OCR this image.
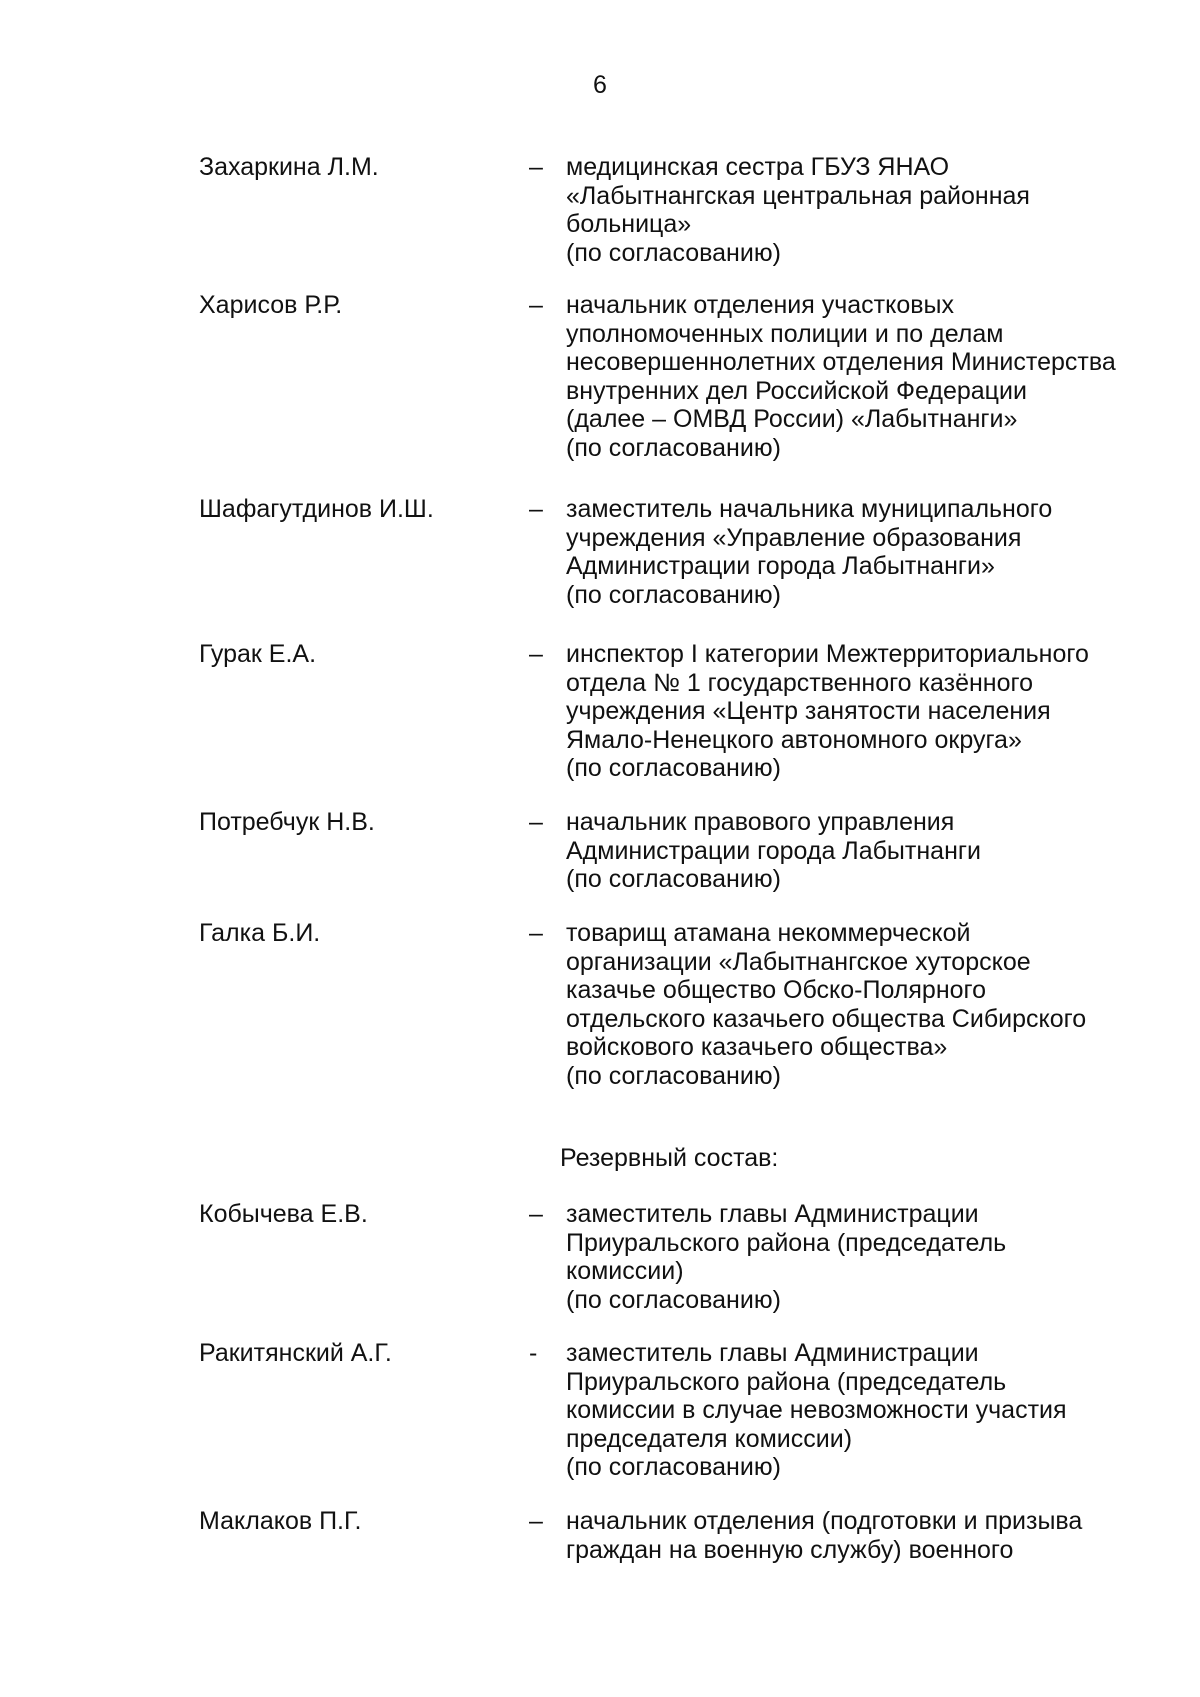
6
Захаркина Л.М.	– медицинская сестра ГБУЗ ЯНАО
«Лабытнангская центральная районная
больница»
(по согласованию)
Харисов Р.Р.	– начальник отделения участковых
уполномоченных полиции и по делам
несовершеннолетних отделения Министерства
внутренних дел Российской Федерации
(далее – ОМВД России) «Лабытнанги»
(по согласованию)
Шафагутдинов И.Ш.	– заместитель начальника муниципального
учреждения «Управление образования
Администрации города Лабытнанги»
(по согласованию)
Гурак Е.А.	– инспектор I категории Межтерриториального
отдела № 1 государственного казённого
учреждения «Центр занятости населения
Ямало-Ненецкого автономного округа»
(по согласованию)
Потребчук Н.В.	– начальник правового управления
Администрации города Лабытнанги
(по согласованию)
Галка Б.И.	– товарищ атамана некоммерческой
организации «Лабытнангское хуторское
казачье общество Обско-Полярного
отдельского казачьего общества Сибирского
войскового казачьего общества»
(по согласованию)
Резервный состав:
Кобычева Е.В.	– заместитель главы Администрации
Приуральского района (председатель
комиссии)
(по согласованию)
Ракитянский А.Г.	- заместитель главы Администрации
Приуральского района (председатель
комиссии в случае невозможности участия
председателя комиссии)
(по согласованию)
Маклаков П.Г.	– начальник отделения (подготовки и призыва
граждан на военную службу) военного
